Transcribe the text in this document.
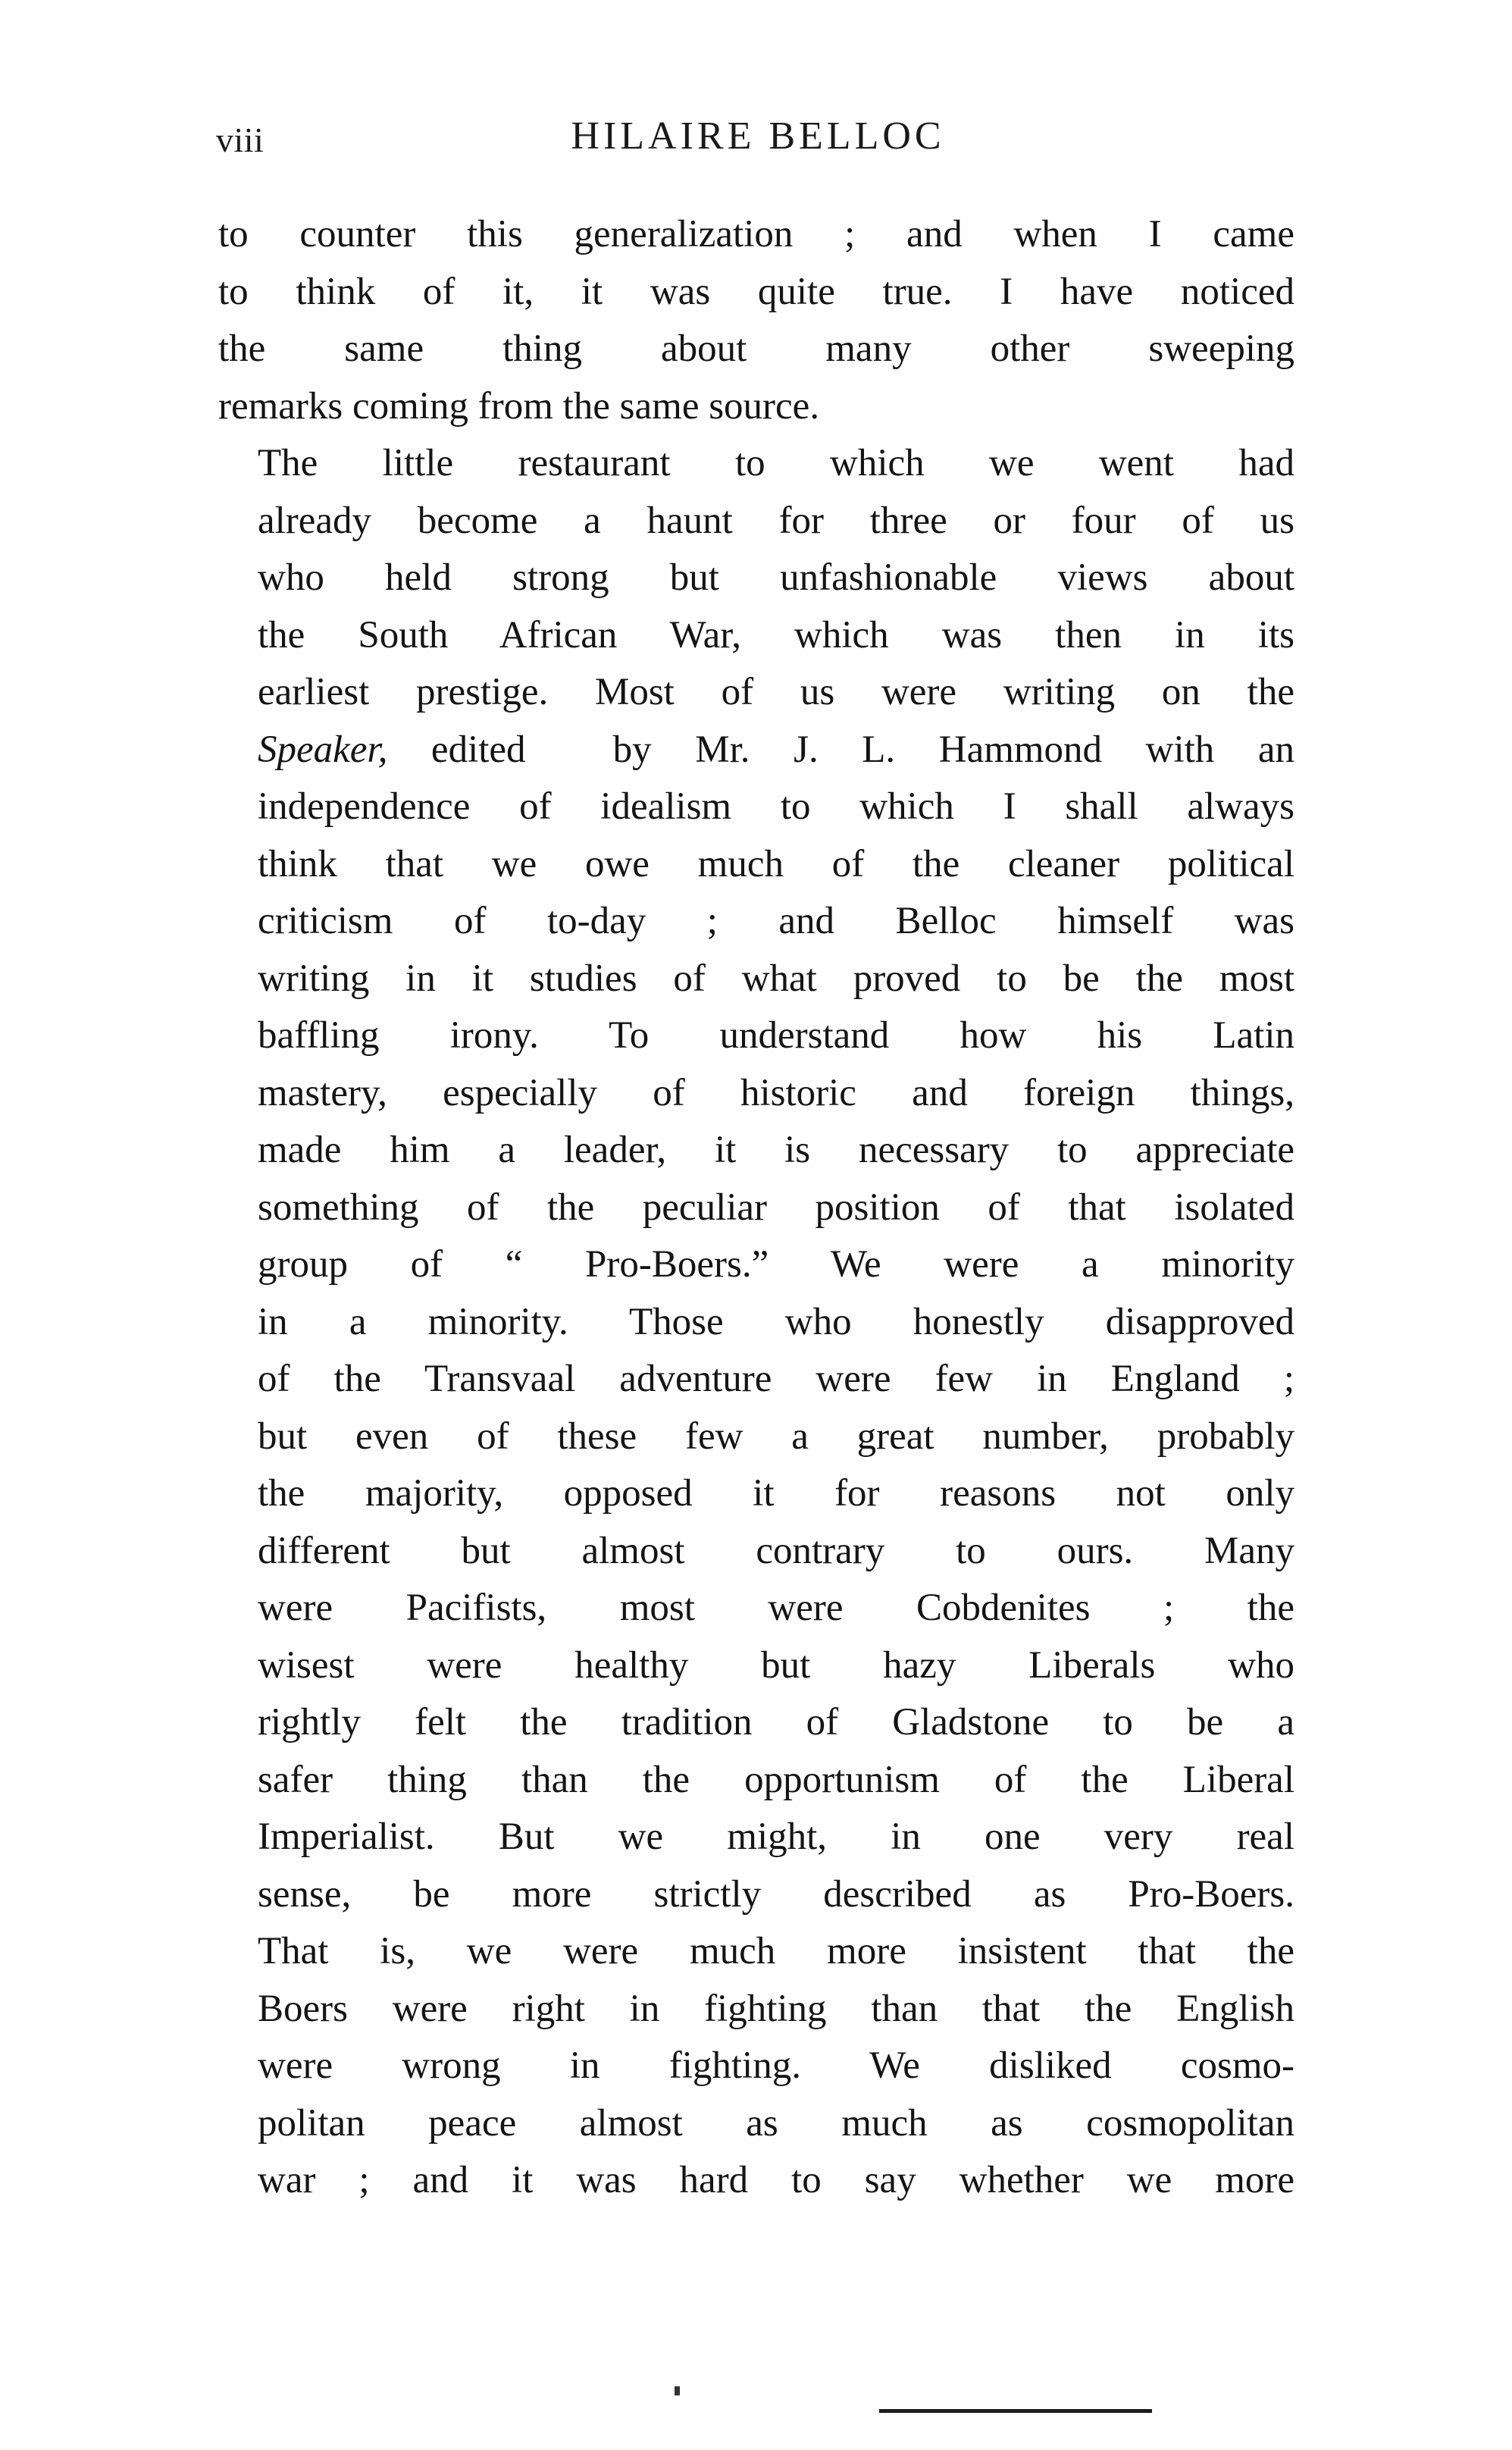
viii	HILAIRE BELLOC

to counter this generalization ; and when I came
to think of it, it was quite true. I have noticed
the same thing about many other sweeping
remarks coming from the same source.

The little restaurant to which we went had
already become a haunt for three or four of us
who held strong but unfashionable views about
the South African War, which was then in its
earliest prestige. Most of us were writing on the
Speaker, edited  by Mr. J. L. Hammond with an
independence of idealism to which I shall always
think that we owe much of the cleaner political
criticism of to-day ; and Belloc himself was
writing in it studies of what proved to be the most
baffling irony. To understand how his Latin
mastery, especially of historic and foreign things,
made him a leader, it is necessary to appreciate
something of the peculiar position of that isolated
group of “ Pro-Boers.” We were a minority
in a minority. Those who honestly disapproved
of the Transvaal adventure were few in England ;
but even of these few a great number, probably
the majority, opposed it for reasons not only
different but almost contrary to ours. Many
were Pacifists, most were Cobdenites ; the
wisest were healthy but hazy Liberals who
rightly felt the tradition of Gladstone to be a
safer thing than the opportunism of the Liberal
Imperialist. But we might, in one very real
sense, be more strictly described as Pro-Boers.
That is, we were much more insistent that the
Boers were right in fighting than that the English
were wrong in fighting. We disliked cosmo-
politan peace almost as much as cosmopolitan
war ; and it was hard to say whether we more
